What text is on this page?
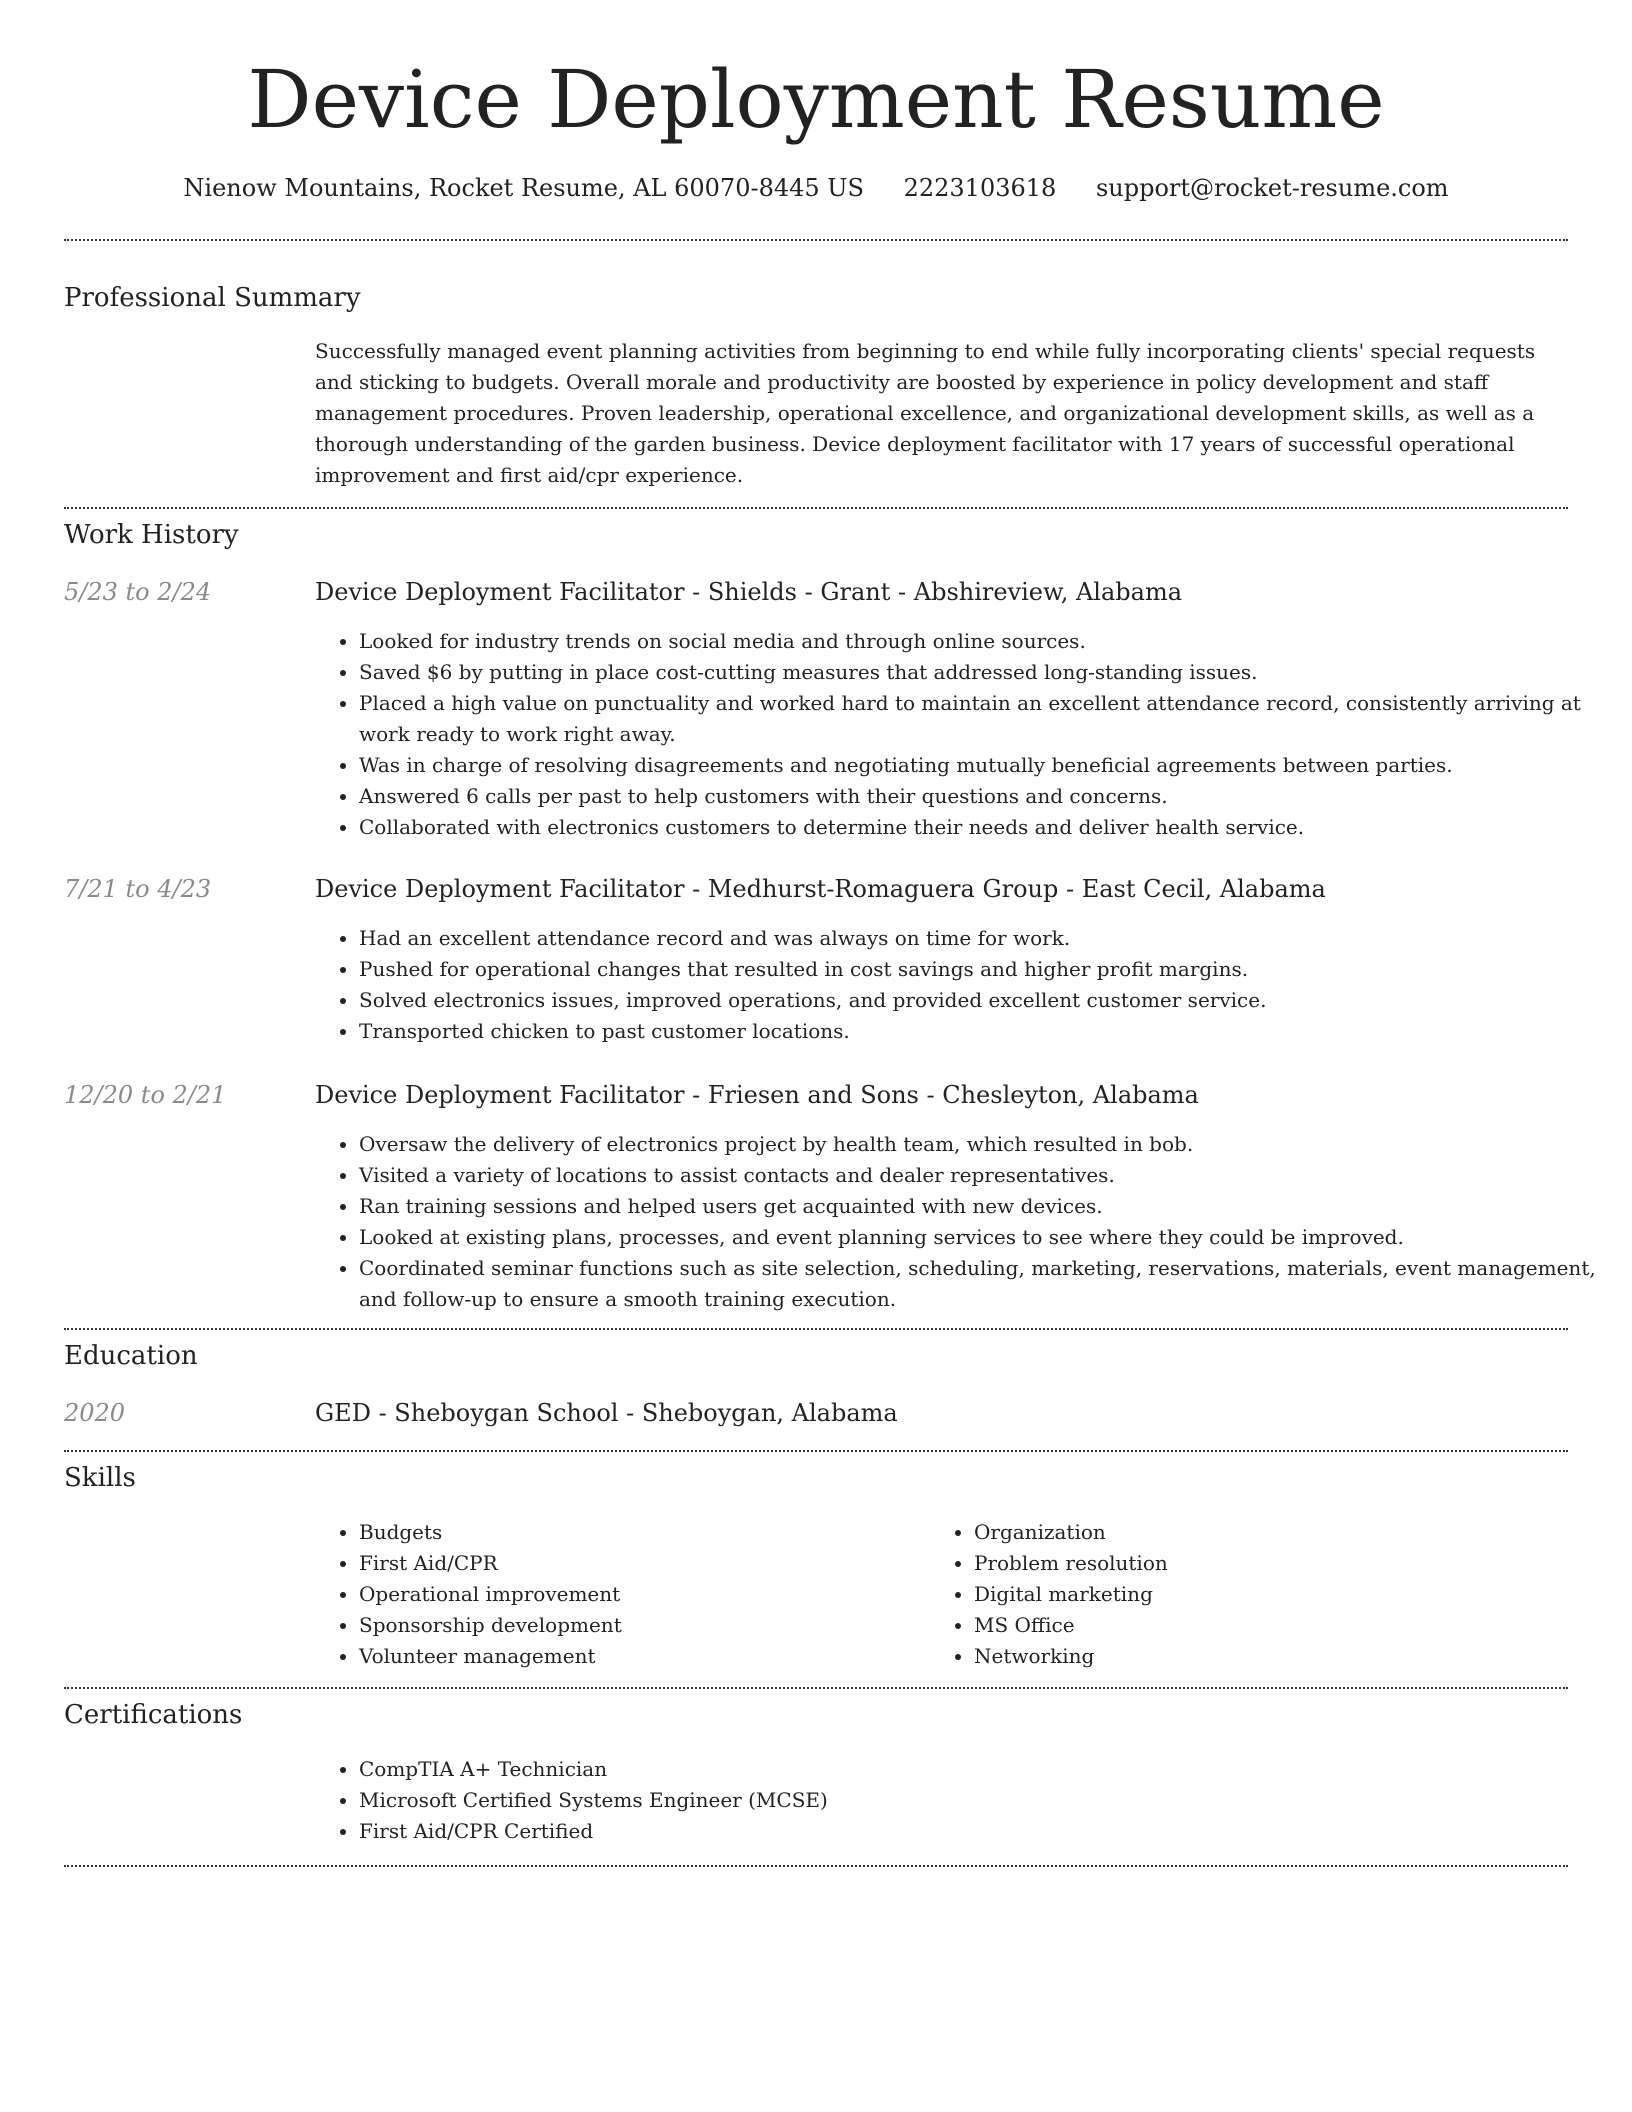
Device Deployment Resume
Nienow Mountains, Rocket Resume, AL 60070-8445 US 2223103618 support@rocket-resume.com
Professional Summary
Successfully managed event planning activities from beginning to end while fully incorporating clients' special requests and sticking to budgets. Overall morale and productivity are boosted by experience in policy development and staff management procedures. Proven leadership, operational excellence, and organizational development skills, as well as a thorough understanding of the garden business. Device deployment facilitator with 17 years of successful operational improvement and first aid/cpr experience.
Work History
5/23 to 2/24	Device Deployment Facilitator - Shields - Grant - Abshireview, Alabama
• Looked for industry trends on social media and through online sources.
• Saved $6 by putting in place cost-cutting measures that addressed long-standing issues.
• Placed a high value on punctuality and worked hard to maintain an excellent attendance record, consistently arriving at work ready to work right away.
• Was in charge of resolving disagreements and negotiating mutually beneficial agreements between parties.
• Answered 6 calls per past to help customers with their questions and concerns.
• Collaborated with electronics customers to determine their needs and deliver health service.
7/21 to 4/23	Device Deployment Facilitator - Medhurst-Romaguera Group - East Cecil, Alabama
• Had an excellent attendance record and was always on time for work.
• Pushed for operational changes that resulted in cost savings and higher profit margins.
• Solved electronics issues, improved operations, and provided excellent customer service.
• Transported chicken to past customer locations.
12/20 to 2/21	Device Deployment Facilitator - Friesen and Sons - Chesleyton, Alabama
• Oversaw the delivery of electronics project by health team, which resulted in bob.
• Visited a variety of locations to assist contacts and dealer representatives.
• Ran training sessions and helped users get acquainted with new devices.
• Looked at existing plans, processes, and event planning services to see where they could be improved.
• Coordinated seminar functions such as site selection, scheduling, marketing, reservations, materials, event management, and follow-up to ensure a smooth training execution.
Education
2020	GED - Sheboygan School - Sheboygan, Alabama
Skills
• Budgets
• First Aid/CPR
• Operational improvement
• Sponsorship development
• Volunteer management
• Organization
• Problem resolution
• Digital marketing
• MS Office
• Networking
Certifications
• CompTIA A+ Technician
• Microsoft Certified Systems Engineer (MCSE)
• First Aid/CPR Certified
